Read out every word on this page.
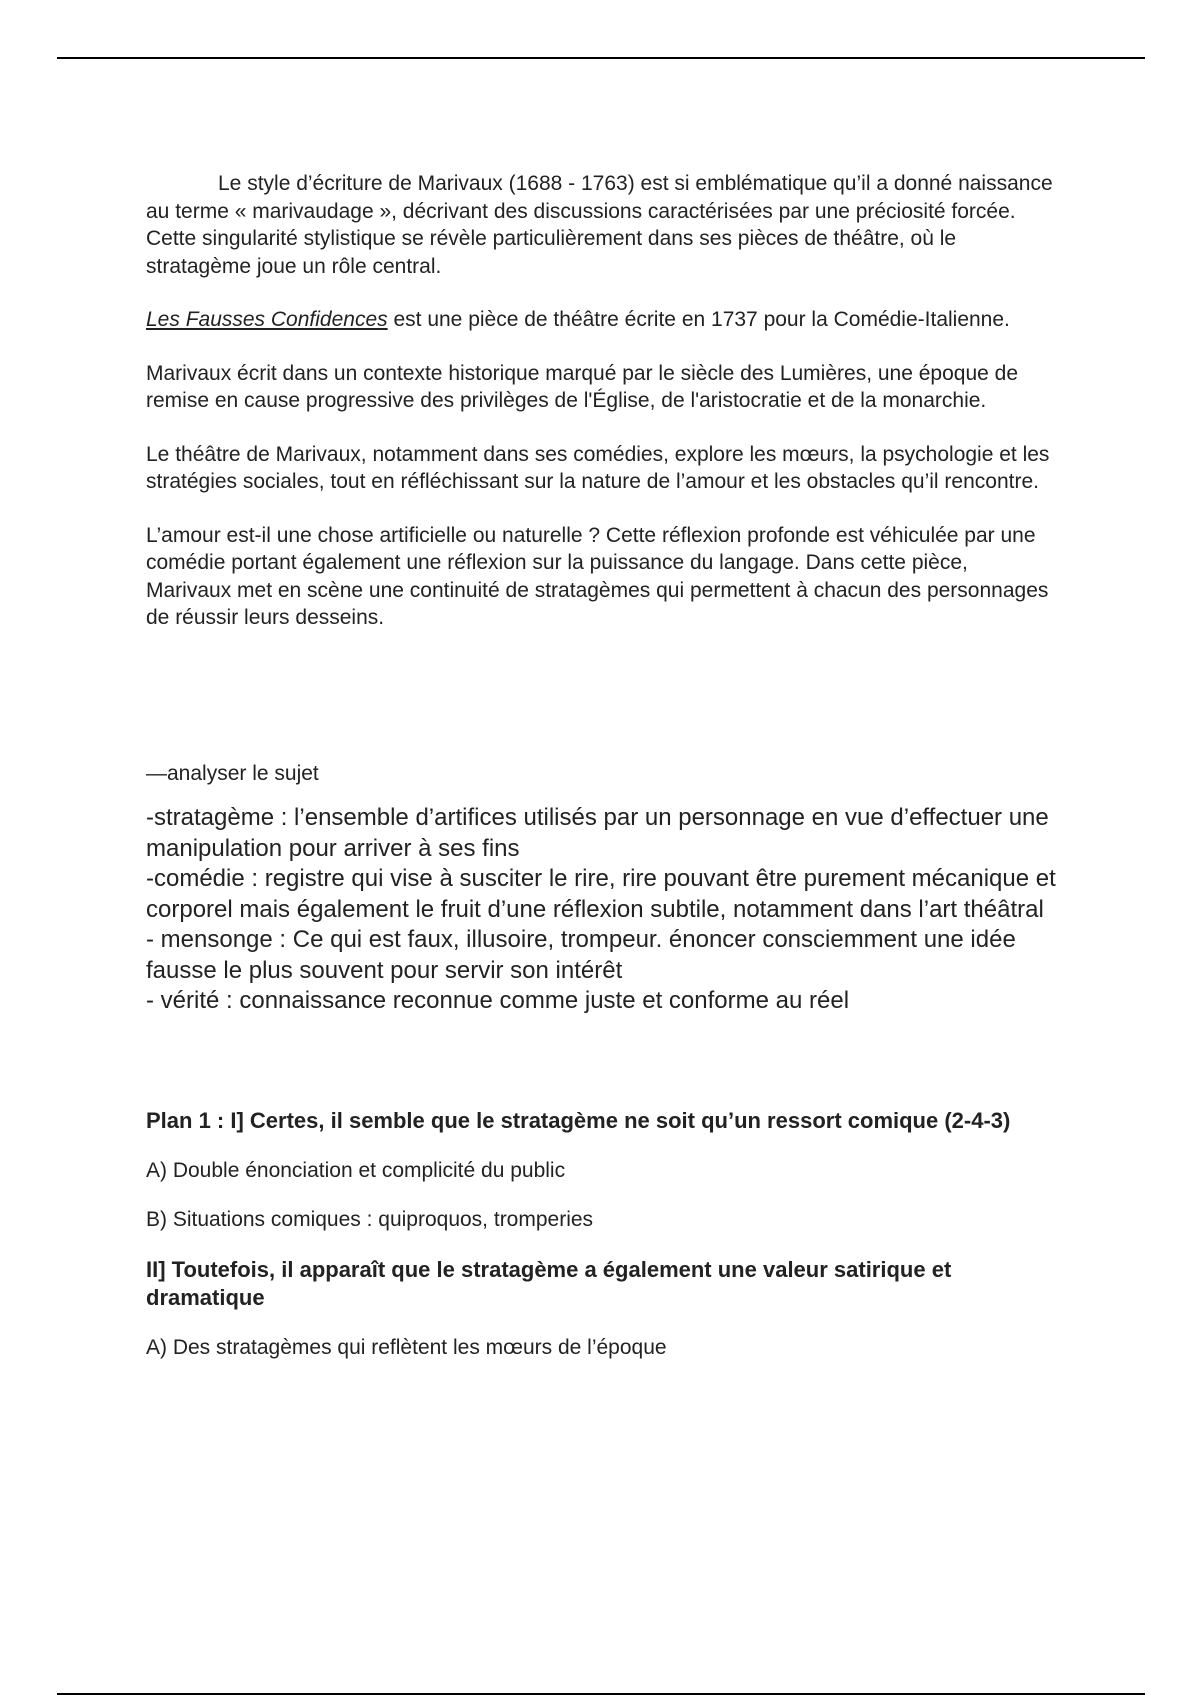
Le style d’écriture de Marivaux (1688 - 1763) est si emblématique qu’il a donné naissance au terme « marivaudage », décrivant des discussions caractérisées par une préciosité forcée. Cette singularité stylistique se révèle particulièrement dans ses pièces de théâtre, où le stratagème joue un rôle central.

Les Fausses Confidences est une pièce de théâtre écrite en 1737 pour la Comédie-Italienne.

Marivaux écrit dans un contexte historique marqué par le siècle des Lumières, une époque de remise en cause progressive des privilèges de l'Église, de l'aristocratie et de la monarchie.

Le théâtre de Marivaux, notamment dans ses comédies, explore les mœurs, la psychologie et les stratégies sociales, tout en réfléchissant sur la nature de l’amour et les obstacles qu’il rencontre.

L’amour est-il une chose artificielle ou naturelle ? Cette réflexion profonde est véhiculée par une comédie portant également une réflexion sur la puissance du langage. Dans cette pièce, Marivaux met en scène une continuité de stratagèmes qui permettent à chacun des personnages de réussir leurs desseins.

—analyser le sujet

-stratagème : l’ensemble d’artifices utilisés par un personnage en vue d’effectuer une manipulation pour arriver à ses fins
-comédie : registre qui vise à susciter le rire, rire pouvant être purement mécanique et corporel mais également le fruit d’une réflexion subtile, notamment dans l’art théâtral
- mensonge : Ce qui est faux, illusoire, trompeur. énoncer consciemment une idée fausse le plus souvent pour servir son intérêt
- vérité : connaissance reconnue comme juste et conforme au réel

Plan 1 : I] Certes, il semble que le stratagème ne soit qu’un ressort comique (2-4-3)

A) Double énonciation et complicité du public

B) Situations comiques : quiproquos, tromperies

II] Toutefois, il apparaît que le stratagème a également une valeur satirique et dramatique

A) Des stratagèmes qui reflètent les mœurs de l’époque
